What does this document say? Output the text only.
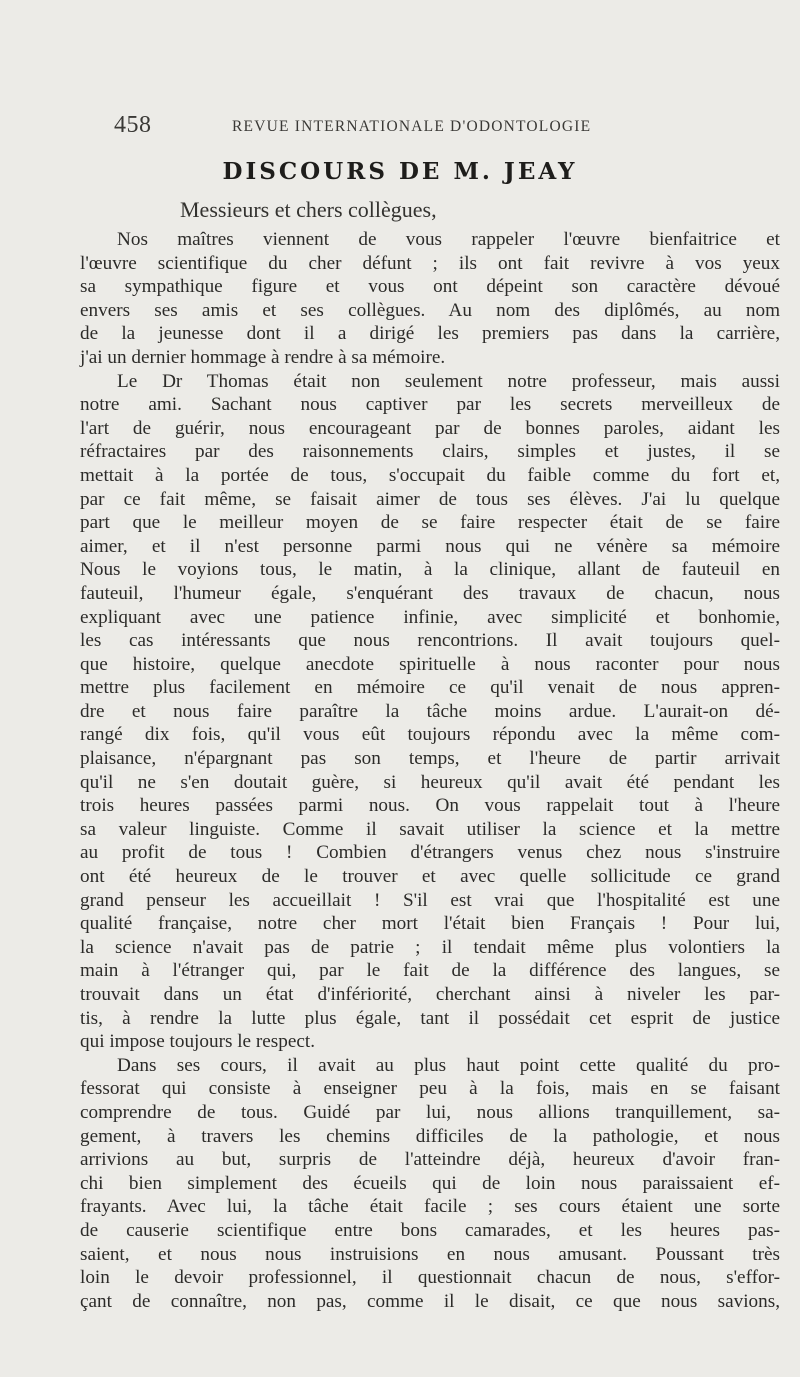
458	REVUE INTERNATIONALE D'ODONTOLOGIE
DISCOURS DE M. JEAY
Messieurs et chers collègues,
Nos maîtres viennent de vous rappeler l'œuvre bienfaitrice et
l'œuvre scientifique du cher défunt ; ils ont fait revivre à vos yeux
sa sympathique figure et vous ont dépeint son caractère dévoué
envers ses amis et ses collègues. Au nom des diplômés, au nom
de la jeunesse dont il a dirigé les premiers pas dans la carrière,
j'ai un dernier hommage à rendre à sa mémoire.
Le Dr Thomas était non seulement notre professeur, mais aussi
notre ami. Sachant nous captiver par les secrets merveilleux de
l'art de guérir, nous encourageant par de bonnes paroles, aidant les
réfractaires par des raisonnements clairs, simples et justes, il se
mettait à la portée de tous, s'occupait du faible comme du fort et,
par ce fait même, se faisait aimer de tous ses élèves. J'ai lu quelque
part que le meilleur moyen de se faire respecter était de se faire
aimer, et il n'est personne parmi nous qui ne vénère sa mémoire
Nous le voyions tous, le matin, à la clinique, allant de fauteuil en
fauteuil, l'humeur égale, s'enquérant des travaux de chacun, nous
expliquant avec une patience infinie, avec simplicité et bonhomie,
les cas intéressants que nous rencontrions. Il avait toujours quel-
que histoire, quelque anecdote spirituelle à nous raconter pour nous
mettre plus facilement en mémoire ce qu'il venait de nous appren-
dre et nous faire paraître la tâche moins ardue. L'aurait-on dé-
rangé dix fois, qu'il vous eût toujours répondu avec la même com-
plaisance, n'épargnant pas son temps, et l'heure de partir arrivait
qu'il ne s'en doutait guère, si heureux qu'il avait été pendant les
trois heures passées parmi nous. On vous rappelait tout à l'heure
sa valeur linguiste. Comme il savait utiliser la science et la mettre
au profit de tous ! Combien d'étrangers venus chez nous s'instruire
ont été heureux de le trouver et avec quelle sollicitude ce grand
grand penseur les accueillait ! S'il est vrai que l'hospitalité est une
qualité française, notre cher mort l'était bien Français ! Pour lui,
la science n'avait pas de patrie ; il tendait même plus volontiers la
main à l'étranger qui, par le fait de la différence des langues, se
trouvait dans un état d'infériorité, cherchant ainsi à niveler les par-
tis, à rendre la lutte plus égale, tant il possédait cet esprit de justice
qui impose toujours le respect.
Dans ses cours, il avait au plus haut point cette qualité du pro-
fessorat qui consiste à enseigner peu à la fois, mais en se faisant
comprendre de tous. Guidé par lui, nous allions tranquillement, sa-
gement, à travers les chemins difficiles de la pathologie, et nous
arrivions au but, surpris de l'atteindre déjà, heureux d'avoir fran-
chi bien simplement des écueils qui de loin nous paraissaient ef-
frayants. Avec lui, la tâche était facile ; ses cours étaient une sorte
de causerie scientifique entre bons camarades, et les heures pas-
saient, et nous nous instruisions en nous amusant. Poussant très
loin le devoir professionnel, il questionnait chacun de nous, s'effor-
çant de connaître, non pas, comme il le disait, ce que nous savions,
